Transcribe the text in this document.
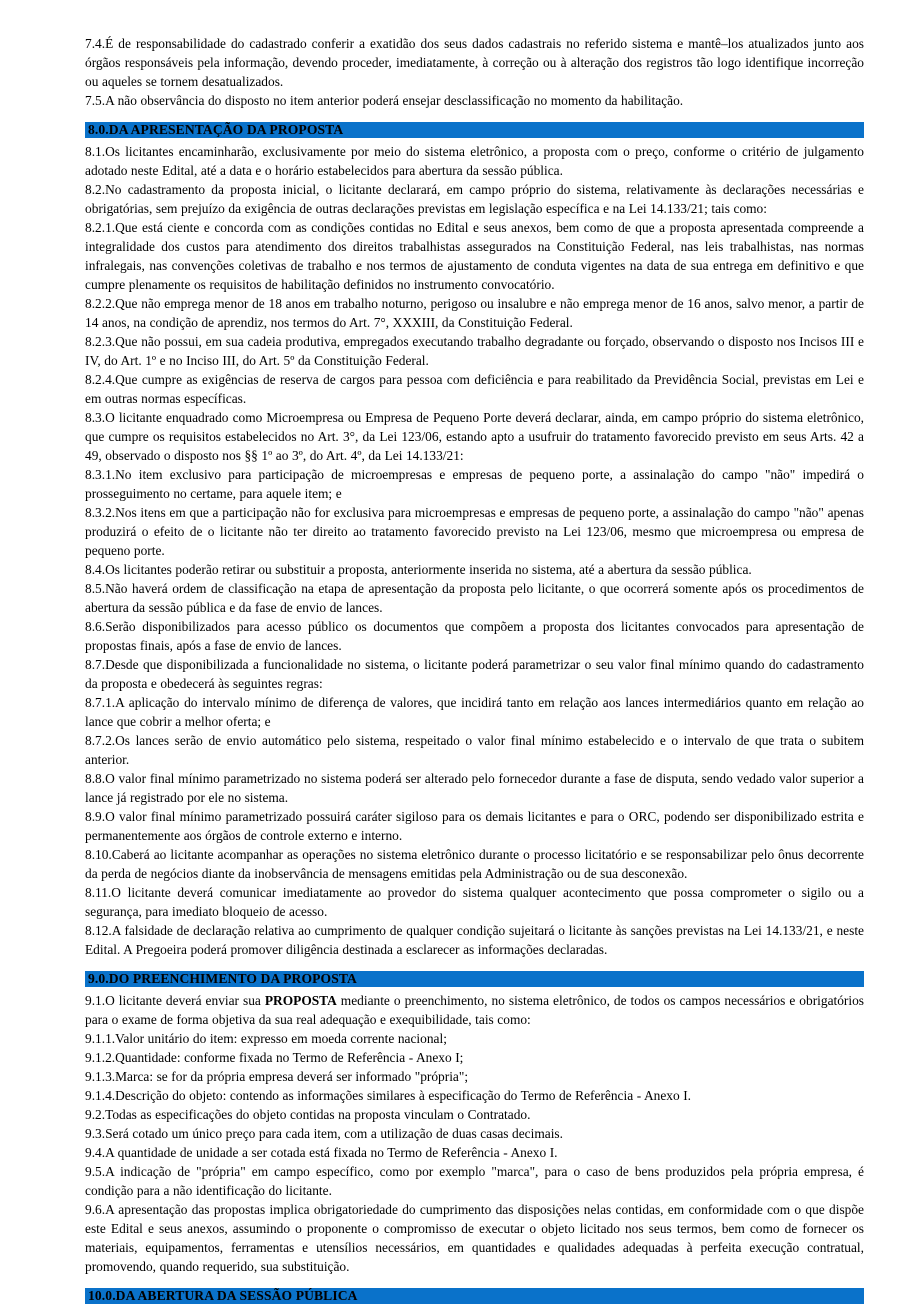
7.4.É de responsabilidade do cadastrado conferir a exatidão dos seus dados cadastrais no referido sistema e mantê–los atualizados junto aos órgãos responsáveis pela informação, devendo proceder, imediatamente, à correção ou à alteração dos registros tão logo identifique incorreção ou aqueles se tornem desatualizados.

7.5.A não observância do disposto no item anterior poderá ensejar desclassificação no momento da habilitação.

8.0.DA APRESENTAÇÃO DA PROPOSTA

8.1.Os licitantes encaminharão, exclusivamente por meio do sistema eletrônico, a proposta com o preço, conforme o critério de julgamento adotado neste Edital, até a data e o horário estabelecidos para abertura da sessão pública.

8.2.No cadastramento da proposta inicial, o licitante declarará, em campo próprio do sistema, relativamente às declarações necessárias e obrigatórias, sem prejuízo da exigência de outras declarações previstas em legislação específica e na Lei 14.133/21; tais como:

8.2.1.Que está ciente e concorda com as condições contidas no Edital e seus anexos, bem como de que a proposta apresentada compreende a integralidade dos custos para atendimento dos direitos trabalhistas assegurados na Constituição Federal, nas leis trabalhistas, nas normas infralegais, nas convenções coletivas de trabalho e nos termos de ajustamento de conduta vigentes na data de sua entrega em definitivo e que cumpre plenamente os requisitos de habilitação definidos no instrumento convocatório.

8.2.2.Que não emprega menor de 18 anos em trabalho noturno, perigoso ou insalubre e não emprega menor de 16 anos, salvo menor, a partir de 14 anos, na condição de aprendiz, nos termos do Art. 7°, XXXIII, da Constituição Federal.

8.2.3.Que não possui, em sua cadeia produtiva, empregados executando trabalho degradante ou forçado, observando o disposto nos Incisos III e IV, do Art. 1º e no Inciso III, do Art. 5º da Constituição Federal.

8.2.4.Que cumpre as exigências de reserva de cargos para pessoa com deficiência e para reabilitado da Previdência Social, previstas em Lei e em outras normas específicas.

8.3.O licitante enquadrado como Microempresa ou Empresa de Pequeno Porte deverá declarar, ainda, em campo próprio do sistema eletrônico, que cumpre os requisitos estabelecidos no Art. 3°, da Lei 123/06, estando apto a usufruir do tratamento favorecido previsto em seus Arts. 42 a 49, observado o disposto nos §§ 1º ao 3º, do Art. 4º, da Lei 14.133/21:

8.3.1.No item exclusivo para participação de microempresas e empresas de pequeno porte, a assinalação do campo "não" impedirá o prosseguimento no certame, para aquele item; e

8.3.2.Nos itens em que a participação não for exclusiva para microempresas e empresas de pequeno porte, a assinalação do campo "não" apenas produzirá o efeito de o licitante não ter direito ao tratamento favorecido previsto na Lei 123/06, mesmo que microempresa ou empresa de pequeno porte.

8.4.Os licitantes poderão retirar ou substituir a proposta, anteriormente inserida no sistema, até a abertura da sessão pública.

8.5.Não haverá ordem de classificação na etapa de apresentação da proposta pelo licitante, o que ocorrerá somente após os procedimentos de abertura da sessão pública e da fase de envio de lances.

8.6.Serão disponibilizados para acesso público os documentos que compõem a proposta dos licitantes convocados para apresentação de propostas finais, após a fase de envio de lances.

8.7.Desde que disponibilizada a funcionalidade no sistema, o licitante poderá parametrizar o seu valor final mínimo quando do cadastramento da proposta e obedecerá às seguintes regras:

8.7.1.A aplicação do intervalo mínimo de diferença de valores, que incidirá tanto em relação aos lances intermediários quanto em relação ao lance que cobrir a melhor oferta; e

8.7.2.Os lances serão de envio automático pelo sistema, respeitado o valor final mínimo estabelecido e o intervalo de que trata o subitem anterior.

8.8.O valor final mínimo parametrizado no sistema poderá ser alterado pelo fornecedor durante a fase de disputa, sendo vedado valor superior a lance já registrado por ele no sistema.

8.9.O valor final mínimo parametrizado possuirá caráter sigiloso para os demais licitantes e para o ORC, podendo ser disponibilizado estrita e permanentemente aos órgãos de controle externo e interno.

8.10.Caberá ao licitante acompanhar as operações no sistema eletrônico durante o processo licitatório e se responsabilizar pelo ônus decorrente da perda de negócios diante da inobservância de mensagens emitidas pela Administração ou de sua desconexão.

8.11.O licitante deverá comunicar imediatamente ao provedor do sistema qualquer acontecimento que possa comprometer o sigilo ou a segurança, para imediato bloqueio de acesso.

8.12.A falsidade de declaração relativa ao cumprimento de qualquer condição sujeitará o licitante às sanções previstas na Lei 14.133/21, e neste Edital. A Pregoeira poderá promover diligência destinada a esclarecer as informações declaradas.

9.0.DO PREENCHIMENTO DA PROPOSTA

9.1.O licitante deverá enviar sua PROPOSTA mediante o preenchimento, no sistema eletrônico, de todos os campos necessários e obrigatórios para o exame de forma objetiva da sua real adequação e exequibilidade, tais como:

9.1.1.Valor unitário do item: expresso em moeda corrente nacional;

9.1.2.Quantidade: conforme fixada no Termo de Referência - Anexo I;

9.1.3.Marca: se for da própria empresa deverá ser informado "própria";

9.1.4.Descrição do objeto: contendo as informações similares à especificação do Termo de Referência - Anexo I.

9.2.Todas as especificações do objeto contidas na proposta vinculam o Contratado.

9.3.Será cotado um único preço para cada item, com a utilização de duas casas decimais.

9.4.A quantidade de unidade a ser cotada está fixada no Termo de Referência - Anexo I.

9.5.A indicação de "própria" em campo específico, como por exemplo "marca", para o caso de bens produzidos pela própria empresa, é condição para a não identificação do licitante.

9.6.A apresentação das propostas implica obrigatoriedade do cumprimento das disposições nelas contidas, em conformidade com o que dispõe este Edital e seus anexos, assumindo o proponente o compromisso de executar o objeto licitado nos seus termos, bem como de fornecer os materiais, equipamentos, ferramentas e utensílios necessários, em quantidades e qualidades adequadas à perfeita execução contratual, promovendo, quando requerido, sua substituição.

10.0.DA ABERTURA DA SESSÃO PÚBLICA
